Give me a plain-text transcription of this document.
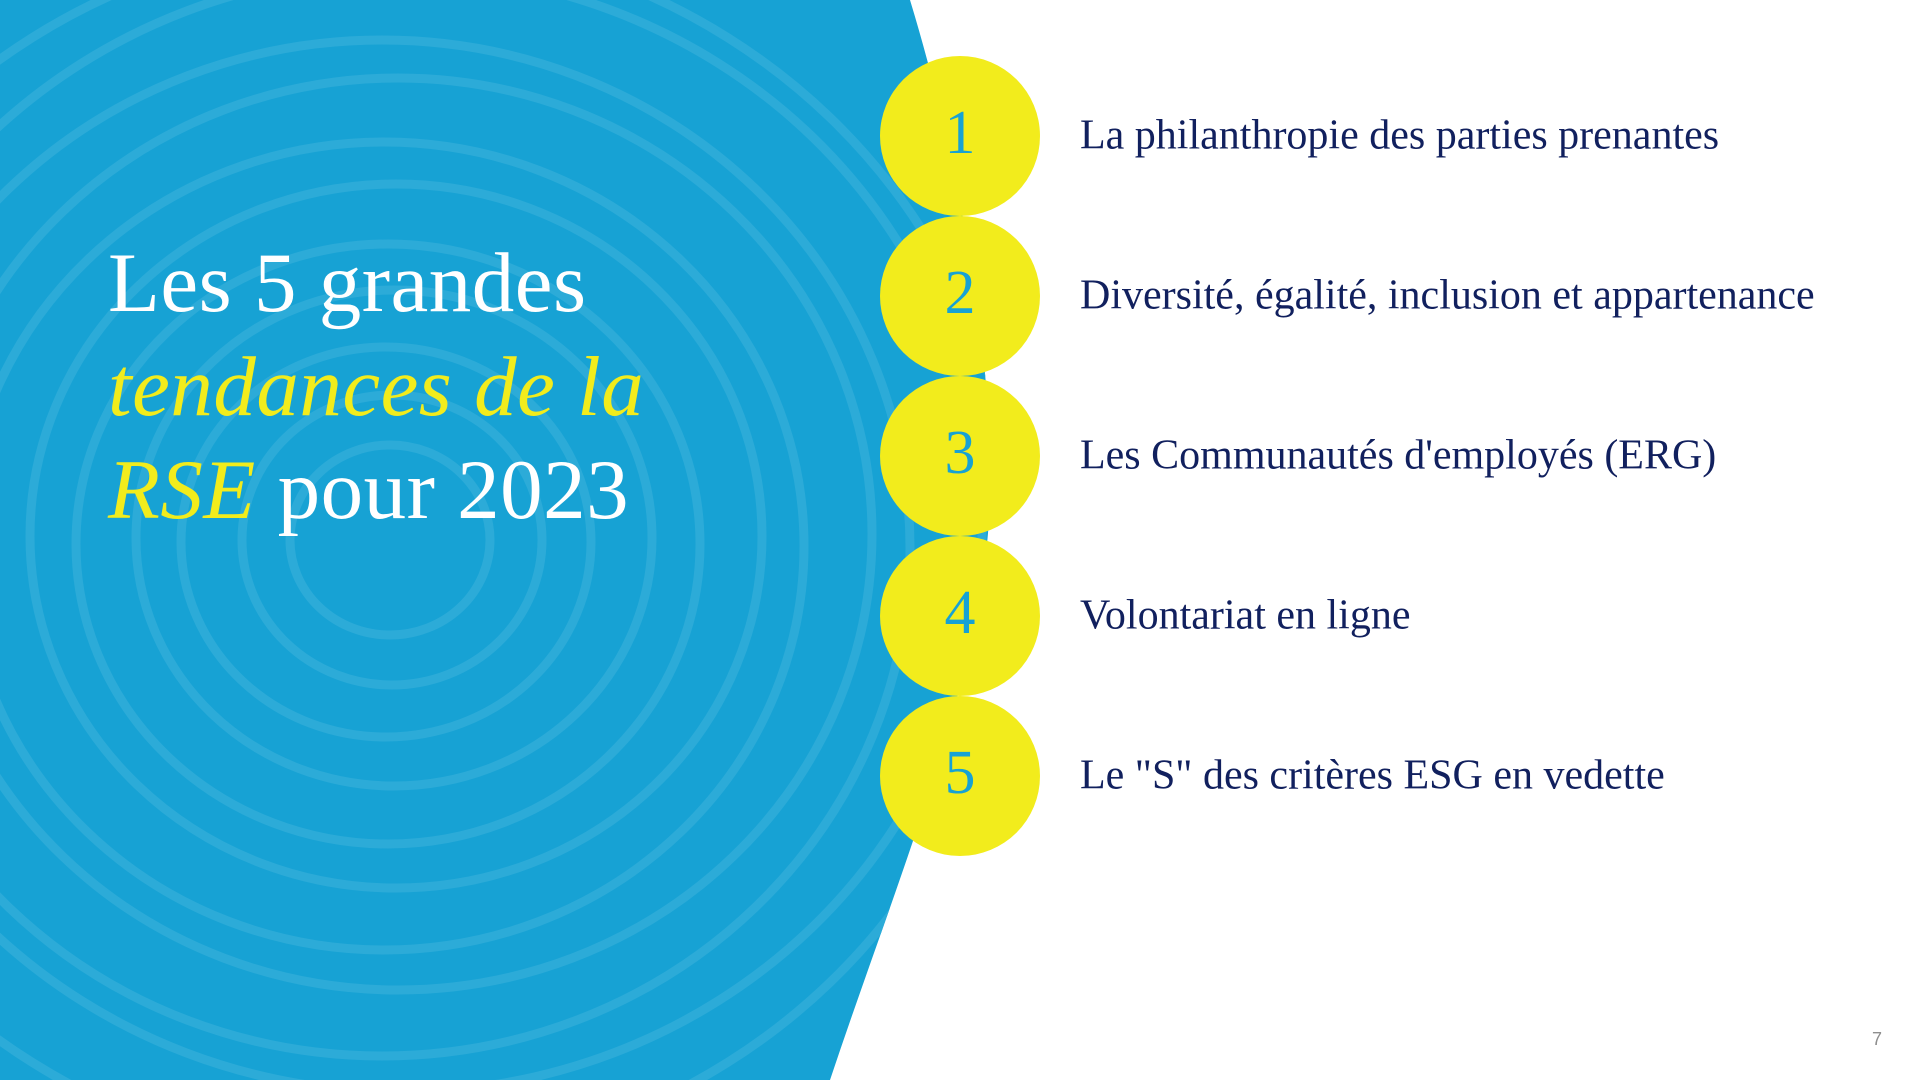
Les 5 grandes tendances de la RSE pour 2023
1 La philanthropie des parties prenantes
2 Diversité, égalité, inclusion et appartenance
3 Les Communautés d'employés (ERG)
4 Volontariat en ligne
5 Le "S" des critères ESG en vedette
7
